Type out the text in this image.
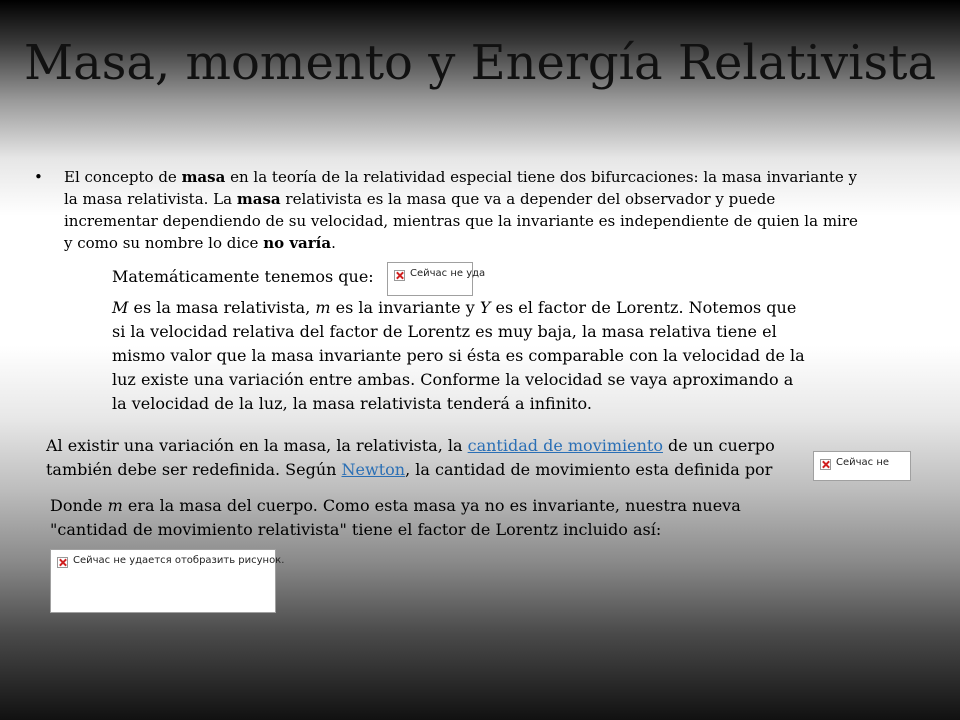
Masa, momento y Energía Relativista
• El concepto de masa en la teoría de la relatividad especial tiene dos bifurcaciones: la masa invariante y la masa relativista. La masa relativista es la masa que va a depender del observador y puede incrementar dependiendo de su velocidad, mientras que la invariante es independiente de quien la mire y como su nombre lo dice no varía.
Matemáticamente tenemos que:	Сейчас не уда
M es la masa relativista, m es la invariante y Y es el factor de Lorentz. Notemos que si la velocidad relativa del factor de Lorentz es muy baja, la masa relativa tiene el mismo valor que la masa invariante pero si ésta es comparable con la velocidad de la luz existe una variación entre ambas. Conforme la velocidad se vaya aproximando a la velocidad de la luz, la masa relativista tenderá a infinito.
Al existir una variación en la masa, la relativista, la cantidad de movimiento de un cuerpo también debe ser redefinida. Según Newton, la cantidad de movimiento esta definida por	Сейчас не
Donde m era la masa del cuerpo. Como esta masa ya no es invariante, nuestra nueva "cantidad de movimiento relativista" tiene el factor de Lorentz incluido así:
Сейчас не удается отобразить рисунок.
